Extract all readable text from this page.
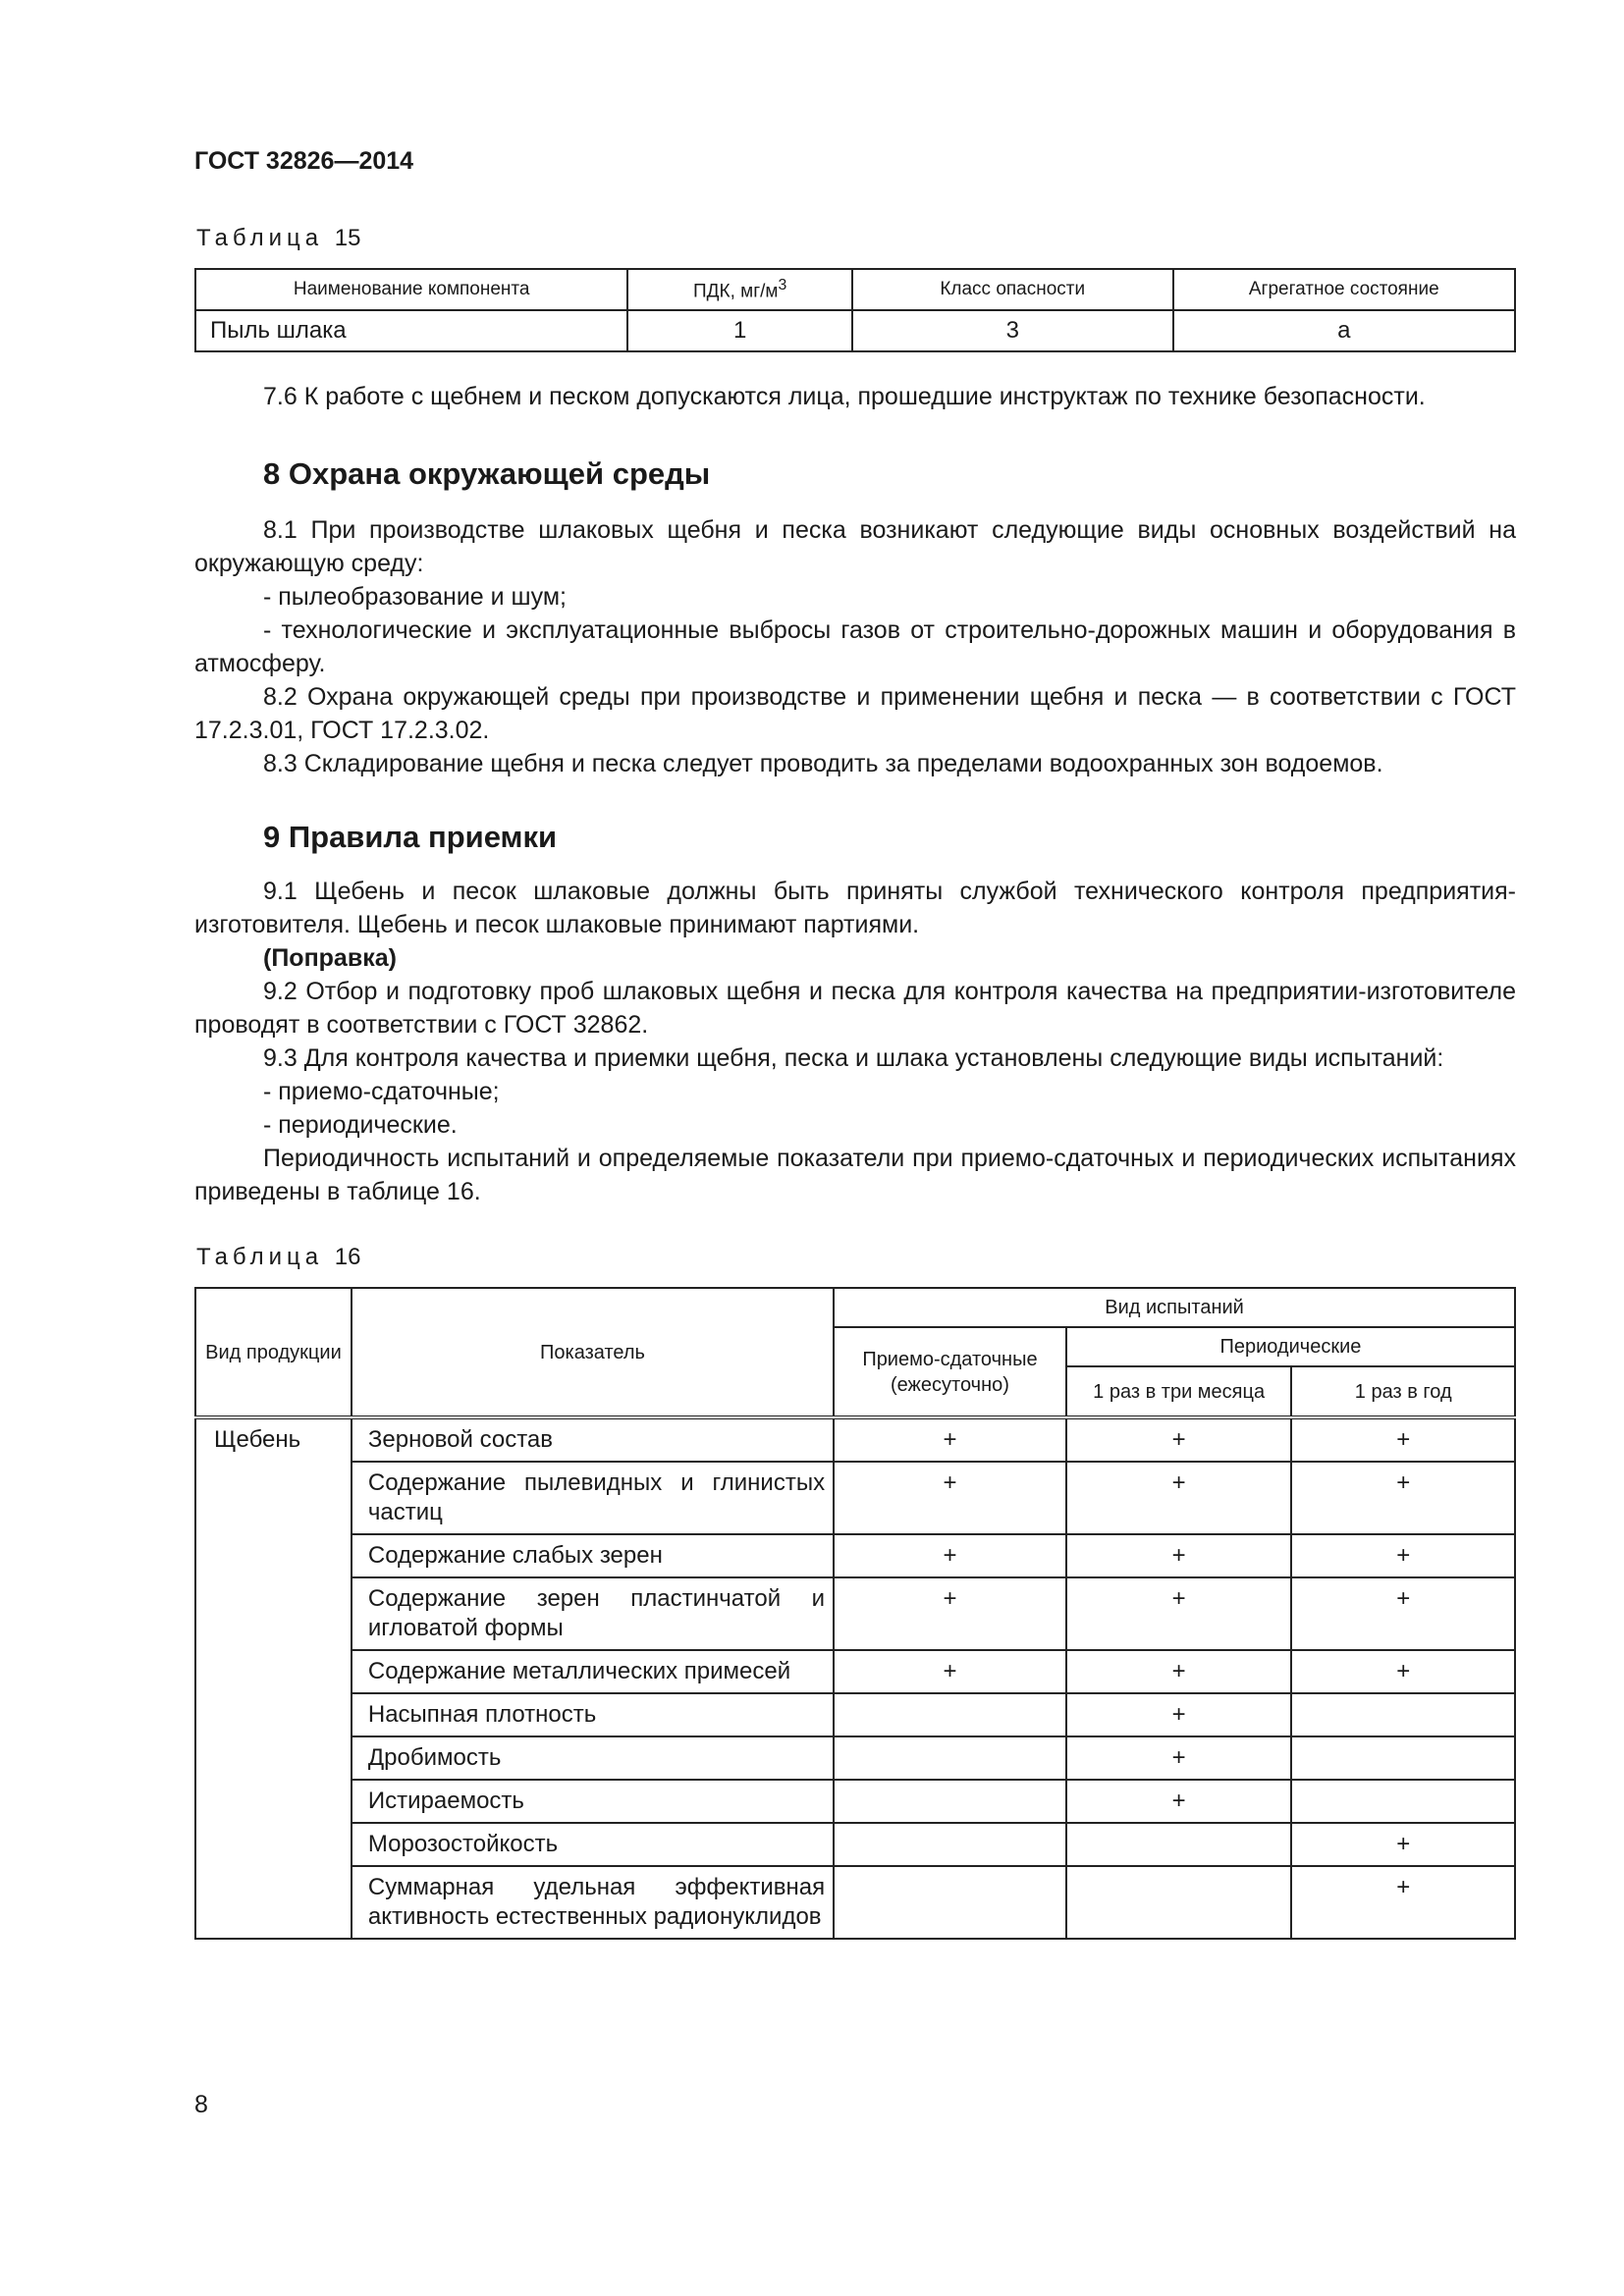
ГОСТ 32826—2014
Таблица 15
Наименование компонента	ПДК, $мг/м^3$	Класс опасности	Агрегатное состояние
Пыль шлака	1	3	а

7.6 К работе с щебнем и песком допускаются лица, прошедшие инструктаж по технике безопасности.

8 Охрана окружающей среды

8.1 При производстве шлаковых щебня и песка возникают следующие виды основных воздействий на окружающую среду:

- пылеобразование и шум;

- технологические и эксплуатационные выбросы газов от строительно-дорожных машин и оборудования в атмосферу.

8.2 Охрана окружающей среды при производстве и применении щебня и песка — в соответствии с ГОСТ 17.2.3.01, ГОСТ 17.2.3.02.

8.3 Складирование щебня и песка следует проводить за пределами водоохранных зон водоемов.

9 Правила приемки

9.1 Щебень и песок шлаковые должны быть приняты службой технического контроля предприятия-изготовителя. Щебень и песок шлаковые принимают партиями.

(Поправка)

9.2 Отбор и подготовку проб шлаковых щебня и песка для контроля качества на предприятии-изготовителе проводят в соответствии с ГОСТ 32862.

9.3 Для контроля качества и приемки щебня, песка и шлака установлены следующие виды испытаний:

- приемо-сдаточные;

- периодические.

Периодичность испытаний и определяемые показатели при приемо-сдаточных и периодических испытаниях приведены в таблице 16.

Таблица 16
Вид продукции	Показатель	Вид испытаний		
		Приемо-сдаточные (ежесуточно)	Периодические	
			1 раз в три месяца	1 раз в год
Щебень	Зерновой состав	+	+	+
	Содержание пылевидных и глинистых частиц	+	+	+
	Содержание слабых зерен	+	+	+
	Содержание зерен пластинчатой и игловатой формы	+	+	+
	Содержание металлических примесей	+	+	+
	Насыпная плотность		+	
	Дробимость		+	
	Истираемость		+	
	Морозостойкость			+
	Суммарная удельная эффективная активность естественных радионуклидов			+
8
